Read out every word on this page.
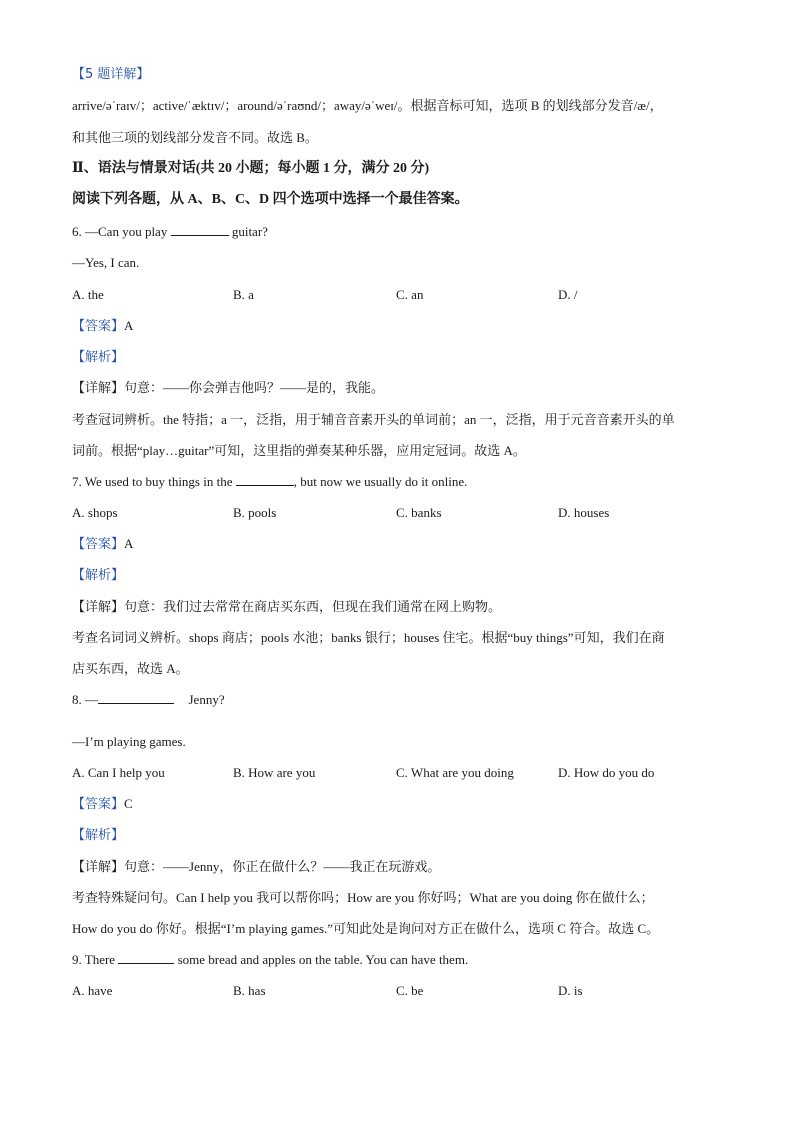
【5 题详解】
arrive/əˈraɪv/；active/ˈæktɪv/；around/əˈraʊnd/；away/əˈweɪ/。根据音标可知，选项 B 的划线部分发音/æ/，
和其他三项的划线部分发音不同。故选 B。
Ⅱ、语法与情景对话(共 20 小题；每小题 1 分，满分 20 分)
阅读下列各题，从 A、B、C、D 四个选项中选择一个最佳答案。
6. —Can you play	guitar?
—Yes, I can.
A. the	B. a	C. an	D. /
【答案】A
【解析】
【详解】句意：——你会弹吉他吗？——是的，我能。
考查冠词辨析。the 特指；a 一，泛指，用于辅音音素开头的单词前；an 一，泛指，用于元音音素开头的单
词前。根据“play…guitar”可知，这里指的弹奏某种乐器，应用定冠词。故选 A。
7. We used to buy things in the	, but now we usually do it online.
A. shops	B. pools	C. banks	D. houses
【答案】A
【解析】
【详解】句意：我们过去常常在商店买东西，但现在我们通常在网上购物。
考查名词词义辨析。shops 商店；pools 水池；banks 银行；houses 住宅。根据“buy things”可知，我们在商
店买东西，故选 A。
8. —	Jenny?
—I’m playing games.
A. Can I help you	B. How are you	C. What are you doing	D. How do you do
【答案】C
【解析】
【详解】句意：——Jenny，你正在做什么？——我正在玩游戏。
考查特殊疑问句。Can I help you 我可以帮你吗；How are you 你好吗；What are you doing 你在做什么；
How do you do 你好。根据“I’m playing games.”可知此处是询问对方正在做什么，选项 C 符合。故选 C。
9. There	some bread and apples on the table. You can have them.
A. have	B. has	C. be	D. is
